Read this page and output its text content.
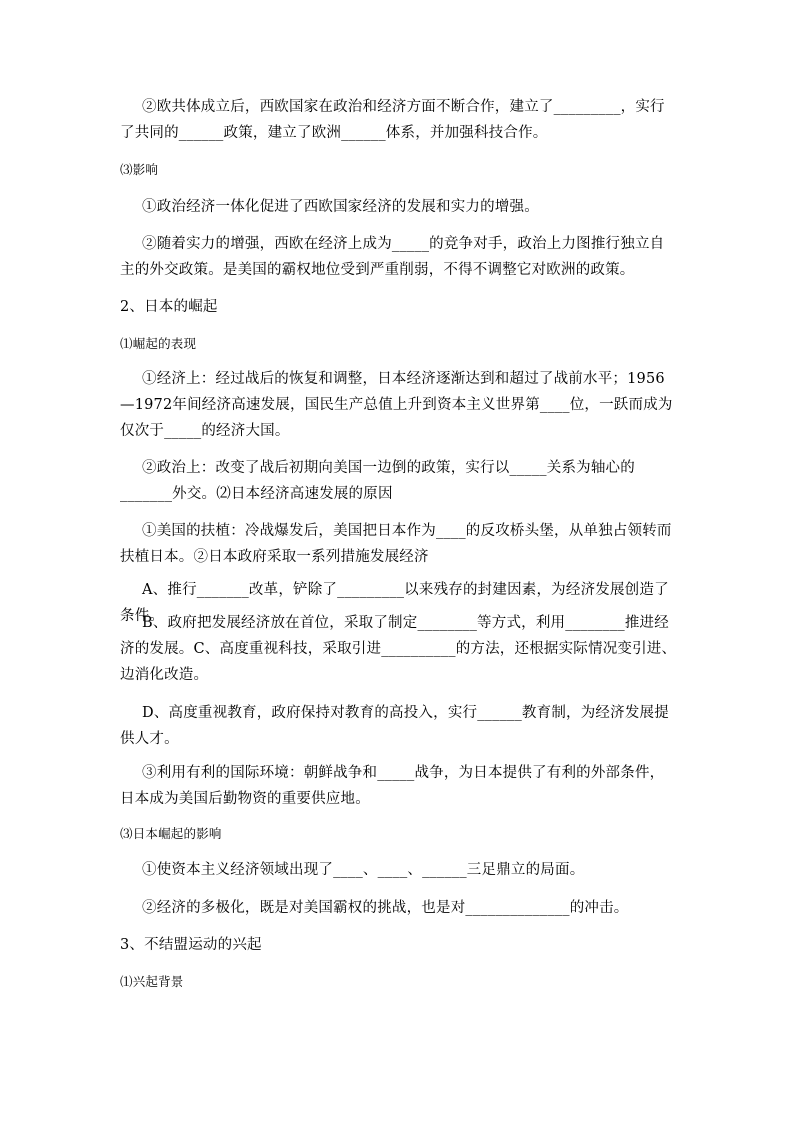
②欧共体成立后，西欧国家在政治和经济方面不断合作，建立了_________，实行了共同的______政策，建立了欧洲______体系，并加强科技合作。

⑶影响

①政治经济一体化促进了西欧国家经济的发展和实力的增强。

②随着实力的增强，西欧在经济上成为_____的竞争对手，政治上力图推行独立自主的外交政策。是美国的霸权地位受到严重削弱，不得不调整它对欧洲的政策。

2、日本的崛起

⑴崛起的表现

①经济上：经过战后的恢复和调整，日本经济逐渐达到和超过了战前水平；1956—1972年间经济高速发展，国民生产总值上升到资本主义世界第____位，一跃而成为仅次于_____的经济大国。

②政治上：改变了战后初期向美国一边倒的政策，实行以_____关系为轴心的_______外交。⑵日本经济高速发展的原因

①美国的扶植：冷战爆发后，美国把日本作为____的反攻桥头堡，从单独占领转而扶植日本。②日本政府采取一系列措施发展经济

A、推行_______改革，铲除了_________以来残存的封建因素，为经济发展创造了条件。

B、政府把发展经济放在首位，采取了制定________等方式，利用________推进经济的发展。C、高度重视科技，采取引进__________的方法，还根据实际情况变引进、边消化改造。

D、高度重视教育，政府保持对教育的高投入，实行______教育制，为经济发展提供人才。

③利用有利的国际环境：朝鲜战争和_____战争，为日本提供了有利的外部条件，日本成为美国后勤物资的重要供应地。

⑶日本崛起的影响

①使资本主义经济领域出现了____、____、______三足鼎立的局面。

②经济的多极化，既是对美国霸权的挑战，也是对______________的冲击。

3、不结盟运动的兴起

⑴兴起背景
